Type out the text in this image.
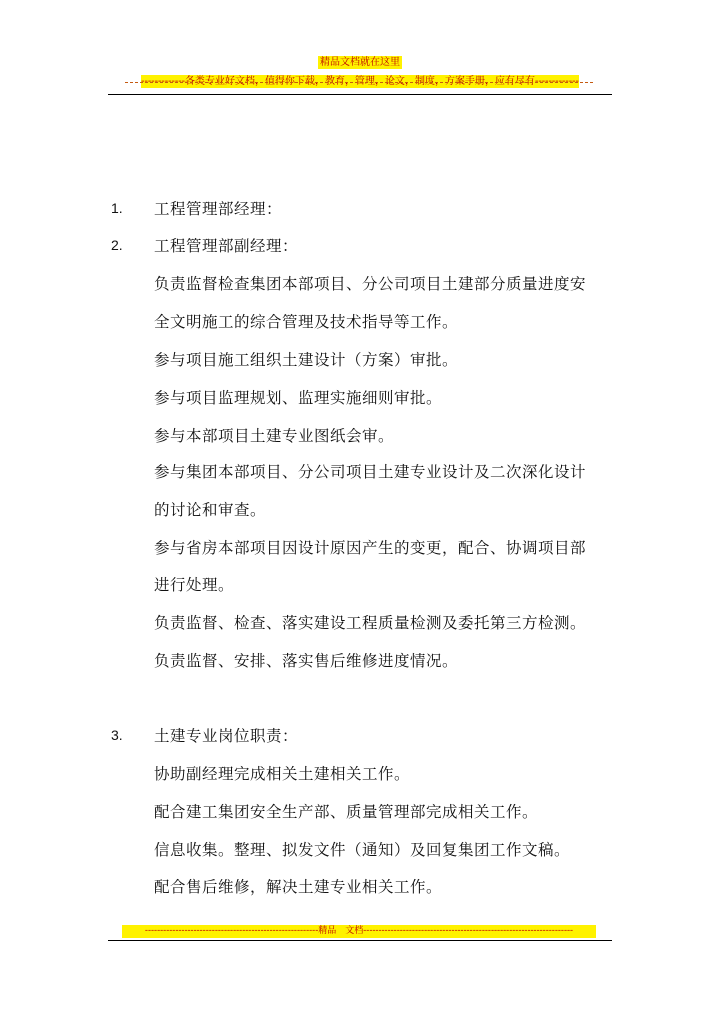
精品文档就在这里
-------------各类专业好文档，值得你下载，教育，管理，论文，制度，方案手册，应有尽有-------------
1. 工程管理部经理：
2. 工程管理部副经理：
负责监督检查集团本部项目、分公司项目土建部分质量进度安
全文明施工的综合管理及技术指导等工作。
参与项目施工组织土建设计（方案）审批。
参与项目监理规划、监理实施细则审批。
参与本部项目土建专业图纸会审。
参与集团本部项目、分公司项目土建专业设计及二次深化设计
的讨论和审查。
参与省房本部项目因设计原因产生的变更，配合、协调项目部
进行处理。
负责监督、检查、落实建设工程质量检测及委托第三方检测。
负责监督、安排、落实售后维修进度情况。
3. 土建专业岗位职责：
协助副经理完成相关土建相关工作。
配合建工集团安全生产部、质量管理部完成相关工作。
信息收集。整理、拟发文件（通知）及回复集团工作文稿。
配合售后维修，解决土建专业相关工作。
---------------------------------------------------------精品　文档---------------------------------------------------------------------
